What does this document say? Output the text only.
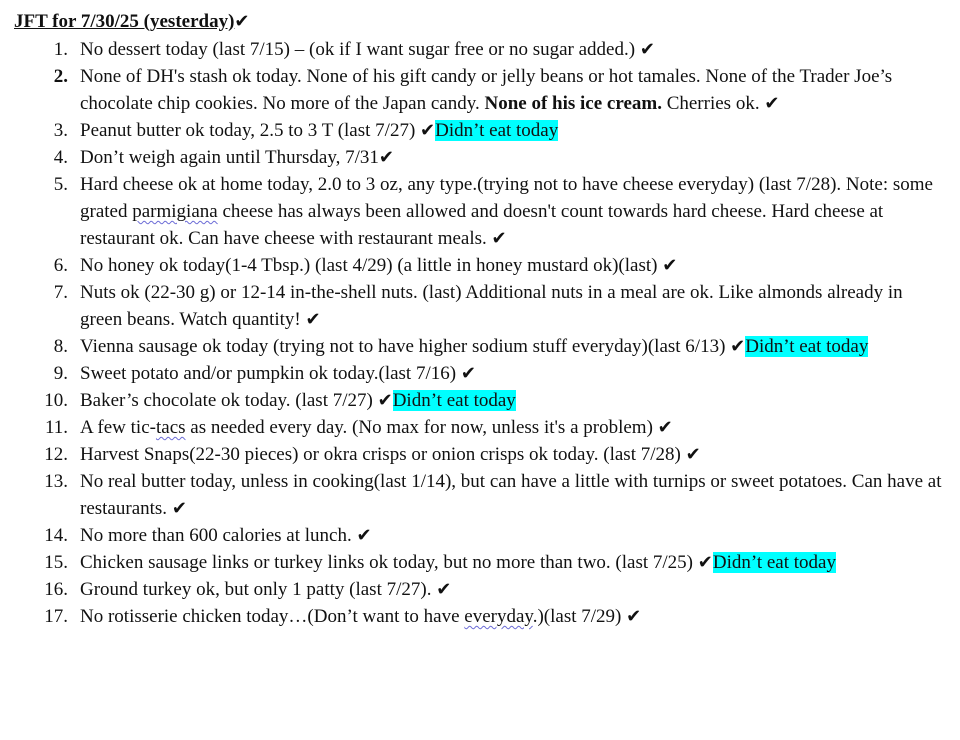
JFT for 7/30/25 (yesterday)✔
1. No dessert today (last 7/15) – (ok if I want sugar free or no sugar added.) ✔
2. None of DH's stash ok today. None of his gift candy or jelly beans or hot tamales. None of the Trader Joe’s chocolate chip cookies. No more of the Japan candy. None of his ice cream. Cherries ok. ✔
3. Peanut butter ok today, 2.5 to 3 T (last 7/27) ✔Didn’t eat today
4. Don’t weigh again until Thursday, 7/31✔
5. Hard cheese ok at home today, 2.0 to 3 oz, any type.(trying not to have cheese everyday) (last 7/28). Note: some grated parmigiana cheese has always been allowed and doesn't count towards hard cheese. Hard cheese at restaurant ok. Can have cheese with restaurant meals. ✔
6. No honey ok today(1-4 Tbsp.) (last 4/29) (a little in honey mustard ok)(last) ✔
7. Nuts ok (22-30 g) or 12-14 in-the-shell nuts. (last) Additional nuts in a meal are ok. Like almonds already in green beans. Watch quantity! ✔
8. Vienna sausage ok today (trying not to have higher sodium stuff everyday)(last 6/13) ✔Didn’t eat today
9. Sweet potato and/or pumpkin ok today.(last 7/16) ✔
10. Baker’s chocolate ok today. (last 7/27) ✔Didn’t eat today
11. A few tic-tacs as needed every day. (No max for now, unless it's a problem) ✔
12. Harvest Snaps(22-30 pieces) or okra crisps or onion crisps ok today. (last 7/28) ✔
13. No real butter today, unless in cooking(last 1/14), but can have a little with turnips or sweet potatoes. Can have at restaurants. ✔
14. No more than 600 calories at lunch. ✔
15. Chicken sausage links or turkey links ok today, but no more than two. (last 7/25) ✔Didn’t eat today
16. Ground turkey ok, but only 1 patty (last 7/27). ✔
17. No rotisserie chicken today…(Don’t want to have everyday.)(last 7/29) ✔
